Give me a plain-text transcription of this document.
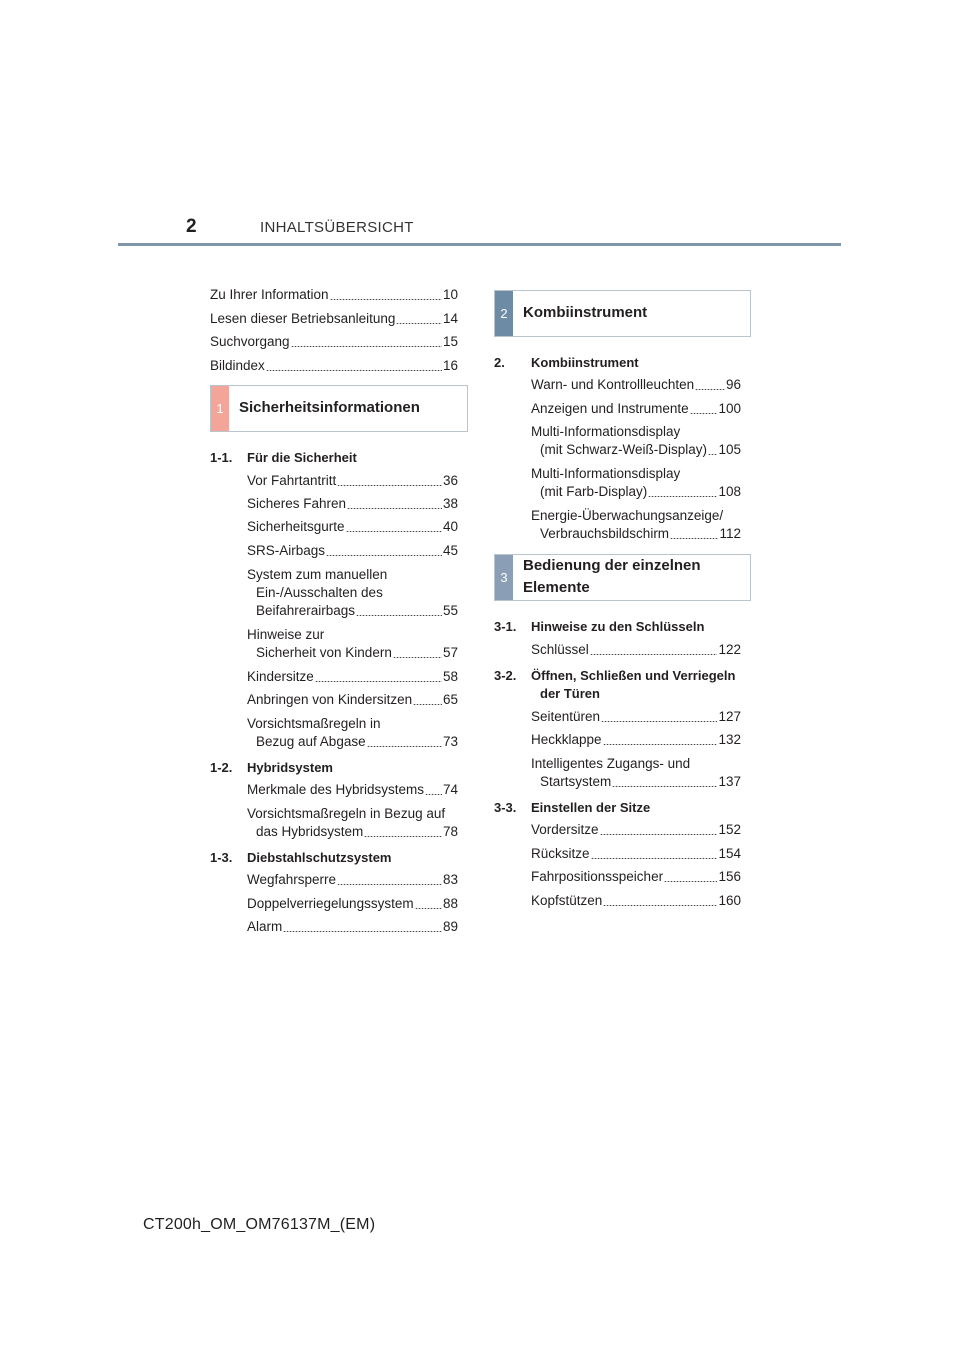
2	INHALTSÜBERSICHT
Zu Ihrer Information	10
Lesen dieser Betriebsanleitung	14
Suchvorgang	15
Bildindex	16
1	Sicherheitsinformationen
1-1. Für die Sicherheit
Vor Fahrtantritt	36
Sicheres Fahren	38
Sicherheitsgurte	40
SRS-Airbags	45
System zum manuellen
Ein-/Ausschalten des
Beifahrerairbags	55
Hinweise zur
Sicherheit von Kindern	57
Kindersitze	58
Anbringen von Kindersitzen 65
Vorsichtsmaßregeln in
Bezug auf Abgase	73
1-2. Hybridsystem
Merkmale des Hybridsystems 74
Vorsichtsmaßregeln in Bezug auf
das Hybridsystem	78
1-3. Diebstahlschutzsystem
Wegfahrsperre	83
Doppelverriegelungssystem 88
Alarm	89
2	Kombiinstrument
2. Kombiinstrument
Warn- und Kontrollleuchten 96
Anzeigen und Instrumente 100
Multi-Informationsdisplay
(mit Schwarz-Weiß-Display) 105
Multi-Informationsdisplay
(mit Farb-Display)	108
Energie-Überwachungsanzeige/
Verbrauchsbildschirm	112
3
Bedienung der einzelnen
Elemente
3-1. Hinweise zu den Schlüsseln
Schlüssel	122
3-2. Öffnen, Schließen und Verriegeln
der Türen
Seitentüren	127
Heckklappe	132
Intelligentes Zugangs- und
Startsystem	137
3-3. Einstellen der Sitze
Vordersitze	152
Rücksitze	154
Fahrpositionsspeicher	156
Kopfstützen	160
CT200h_OM_OM76137M_(EM)
